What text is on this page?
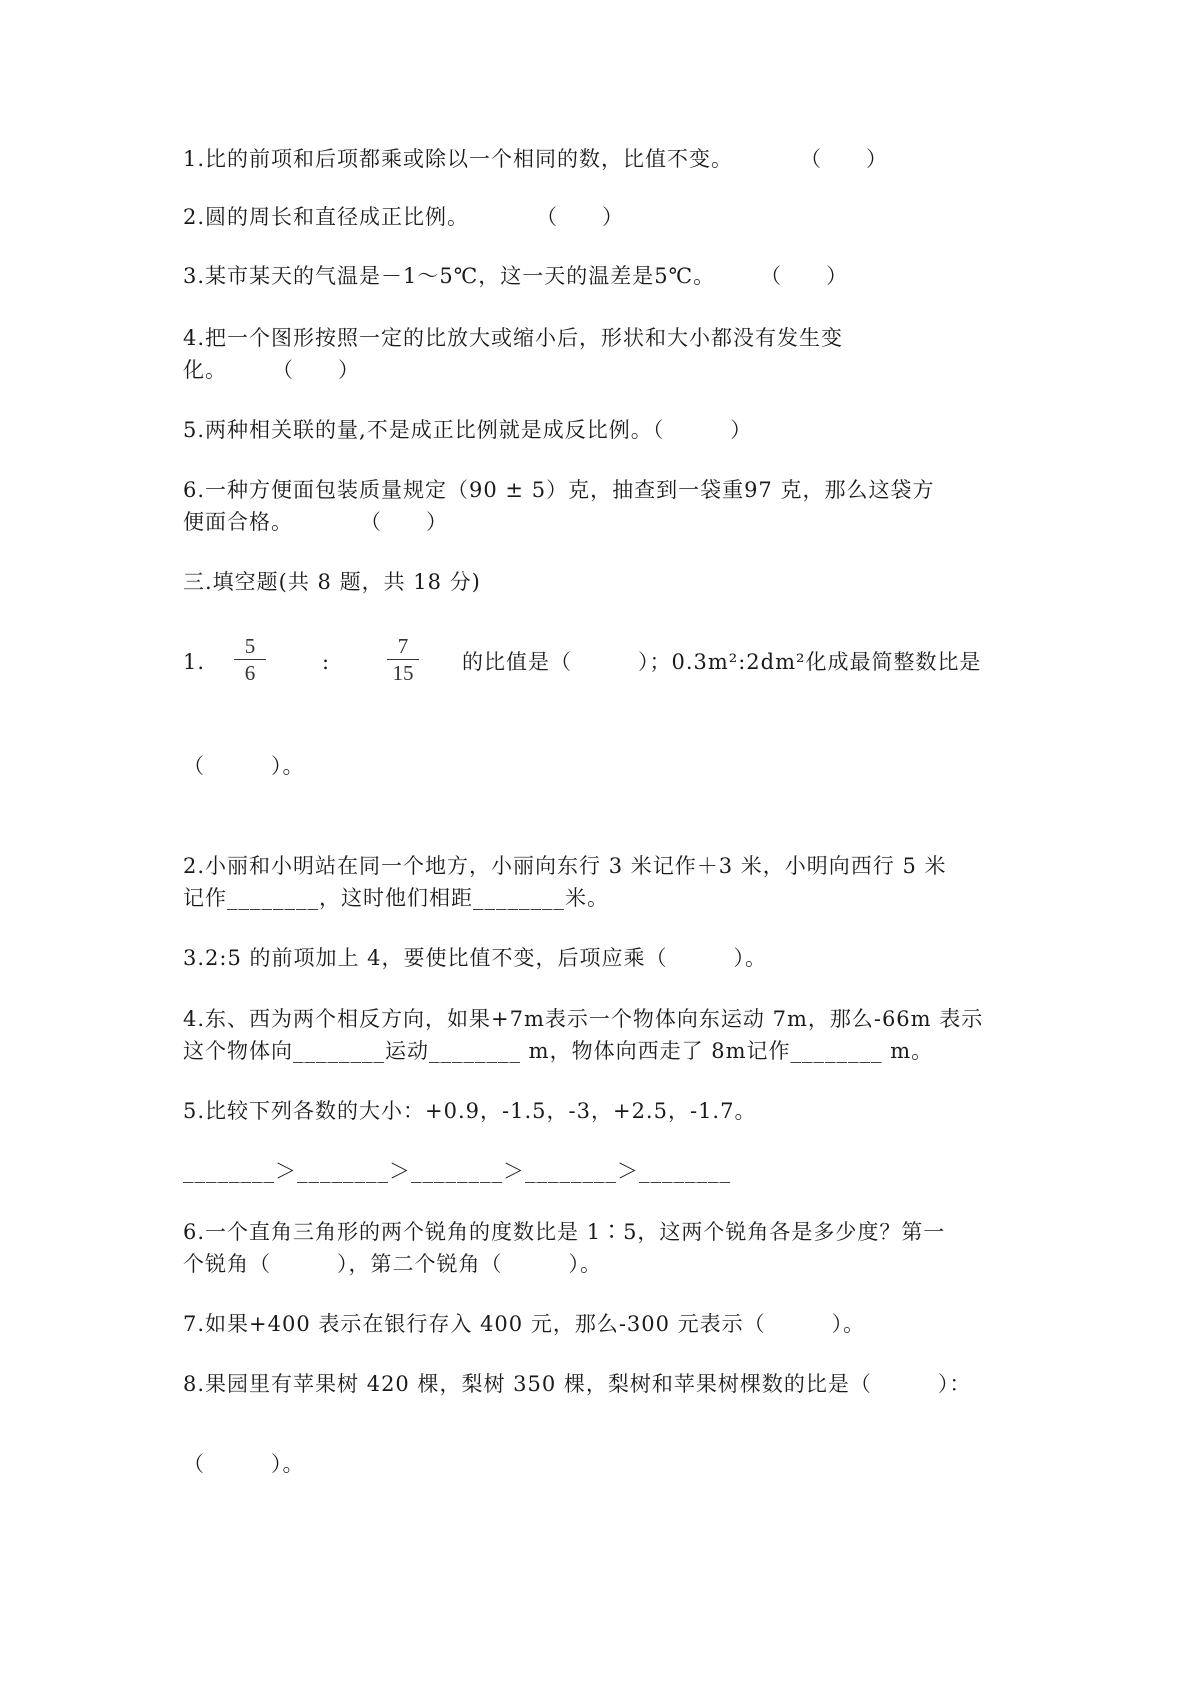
1.比的前项和后项都乘或除以一个相同的数，比值不变。　　　　（　　）
2.圆的周长和直径成正比例。　　　　（　　）
3.某市某天的气温是－1～5℃，这一天的温差是5℃。　　　（　　）
4.把一个图形按照一定的比放大或缩小后，形状和大小都没有发生变
化。　　　（　　）
5.两种相关联的量,不是成正比例就是成反比例。（　　　）
6.一种方便面包装质量规定（90 ± 5）克，抽查到一袋重97 克，那么这袋方
便面合格。　　　　（　　）
三.填空题(共 8 题，共 18 分)
1.
5
6	:
7
15	的比值是（　　　）；0.3m²:2dm²化成最简整数比是
（　　　）。
2.小丽和小明站在同一个地方，小丽向东行 3 米记作＋3 米，小明向西行 5 米
记作________，这时他们相距________米。
3.2:5 的前项加上 4，要使比值不变，后项应乘（　　　）。
4.东、西为两个相反方向，如果+7m表示一个物体向东运动 7m，那么-66m 表示
这个物体向________运动________ m，物体向西走了 8m记作________ m。
5.比较下列各数的大小：+0.9，-1.5，-3，+2.5，-1.7。
________＞________＞________＞________＞________
6.一个直角三角形的两个锐角的度数比是 1∶5，这两个锐角各是多少度？第一
个锐角（　　　），第二个锐角（　　　）。
7.如果+400 表示在银行存入 400 元，那么-300 元表示（　　　）。
8.果园里有苹果树 420 棵，梨树 350 棵，梨树和苹果树棵数的比是（　　　）：
（　　　）。
